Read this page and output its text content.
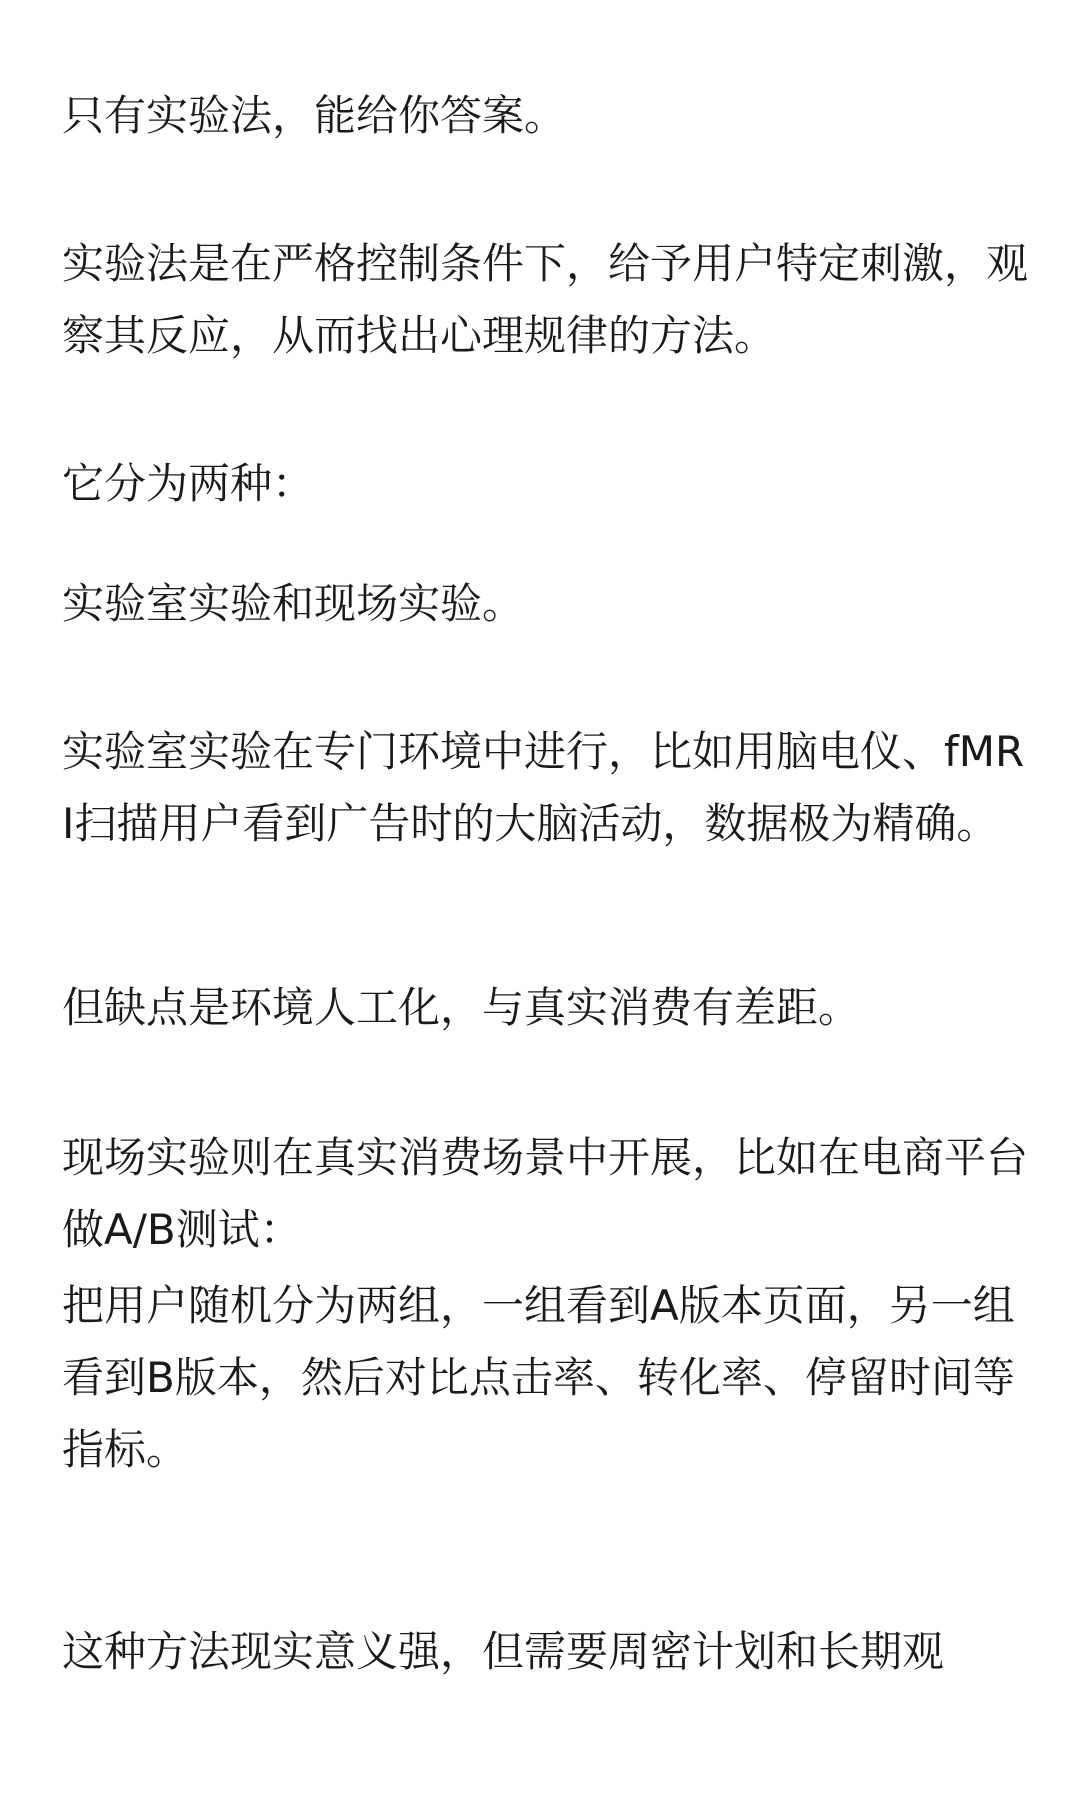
只有实验法，能给你答案。

实验法是在严格控制条件下，给予用户特定刺激，观察其反应，从而找出心理规律的方法。

它分为两种：

实验室实验和现场实验。

实验室实验在专门环境中进行，比如用脑电仪、fMRI扫描用户看到广告时的大脑活动，数据极为精确。

但缺点是环境人工化，与真实消费有差距。

现场实验则在真实消费场景中开展，比如在电商平台做A/B测试：

把用户随机分为两组，一组看到A版本页面，另一组看到B版本，然后对比点击率、转化率、停留时间等指标。

这种方法现实意义强，但需要周密计划和长期观
